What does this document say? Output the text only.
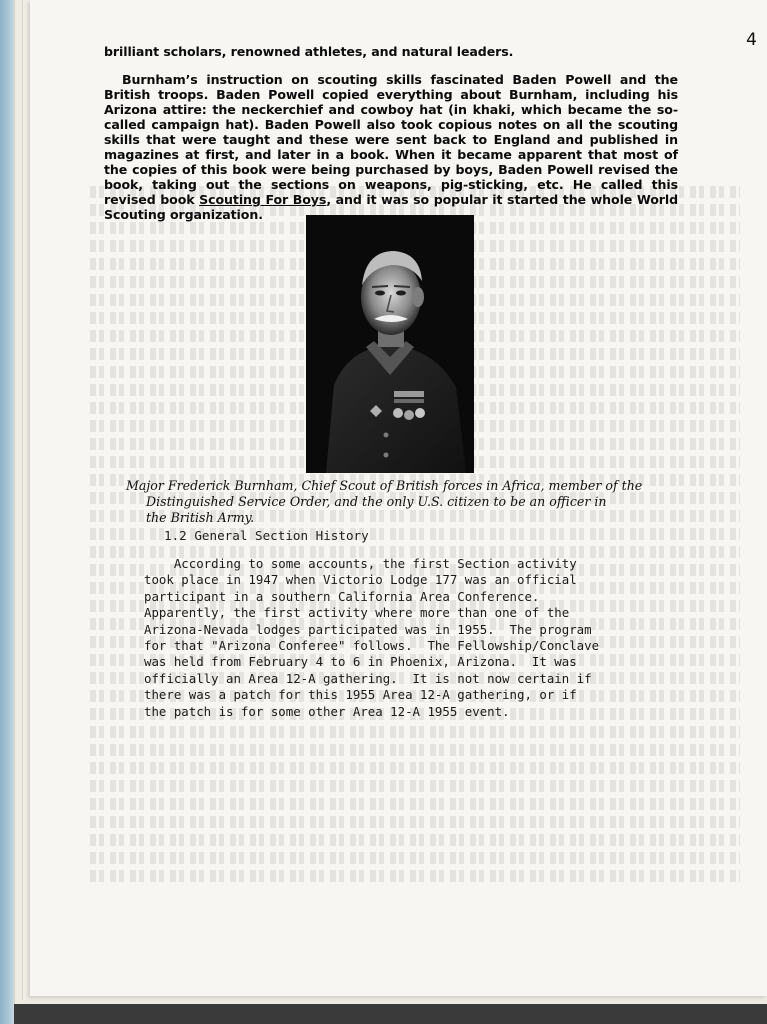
4

brilliant scholars, renowned athletes, and natural leaders.

Burnham’s instruction on scouting skills fascinated Baden Powell and the British troops. Baden Powell copied everything about Burnham, including his Arizona attire: the neckerchief and cowboy hat (in khaki, which became the so-called campaign hat). Baden Powell also took copious notes on all the scouting skills that were taught and these were sent back to England and published in magazines at first, and later in a book. When it became apparent that most of the copies of this book were being purchased by boys, Baden Powell revised the book, taking out the sections on weapons, pig-sticking, etc. He called this revised book Scouting For Boys, and it was so popular it started the whole World Scouting organization.

Major Frederick Burnham, Chief Scout of British forces in Africa, member of the
Distinguished Service Order, and the only U.S. citizen to be an officer in
the British Army.
1.2 General Section History
According to some accounts, the first Section activity
took place in 1947 when Victorio Lodge 177 was an official
participant in a southern California Area Conference.
Apparently, the first activity where more than one of the
Arizona-Nevada lodges participated was in 1955.  The program
for that "Arizona Conferee" follows.  The Fellowship/Conclave
was held from February 4 to 6 in Phoenix, Arizona.  It was
officially an Area 12-A gathering.  It is not now certain if
there was a patch for this 1955 Area 12-A gathering, or if
the patch is for some other Area 12-A 1955 event.
